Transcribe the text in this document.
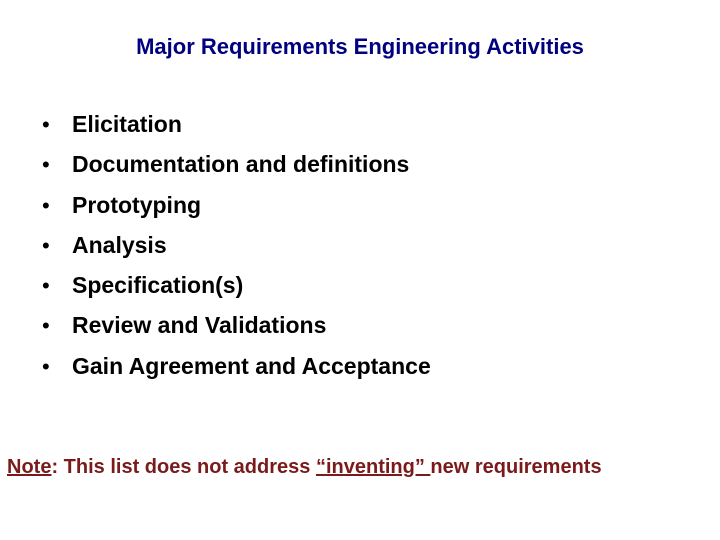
Major Requirements Engineering Activities
• Elicitation
• Documentation and definitions
• Prototyping
• Analysis
• Specification(s)
• Review and Validations
• Gain Agreement and Acceptance
Note: This list does not address “inventing” new requirements
